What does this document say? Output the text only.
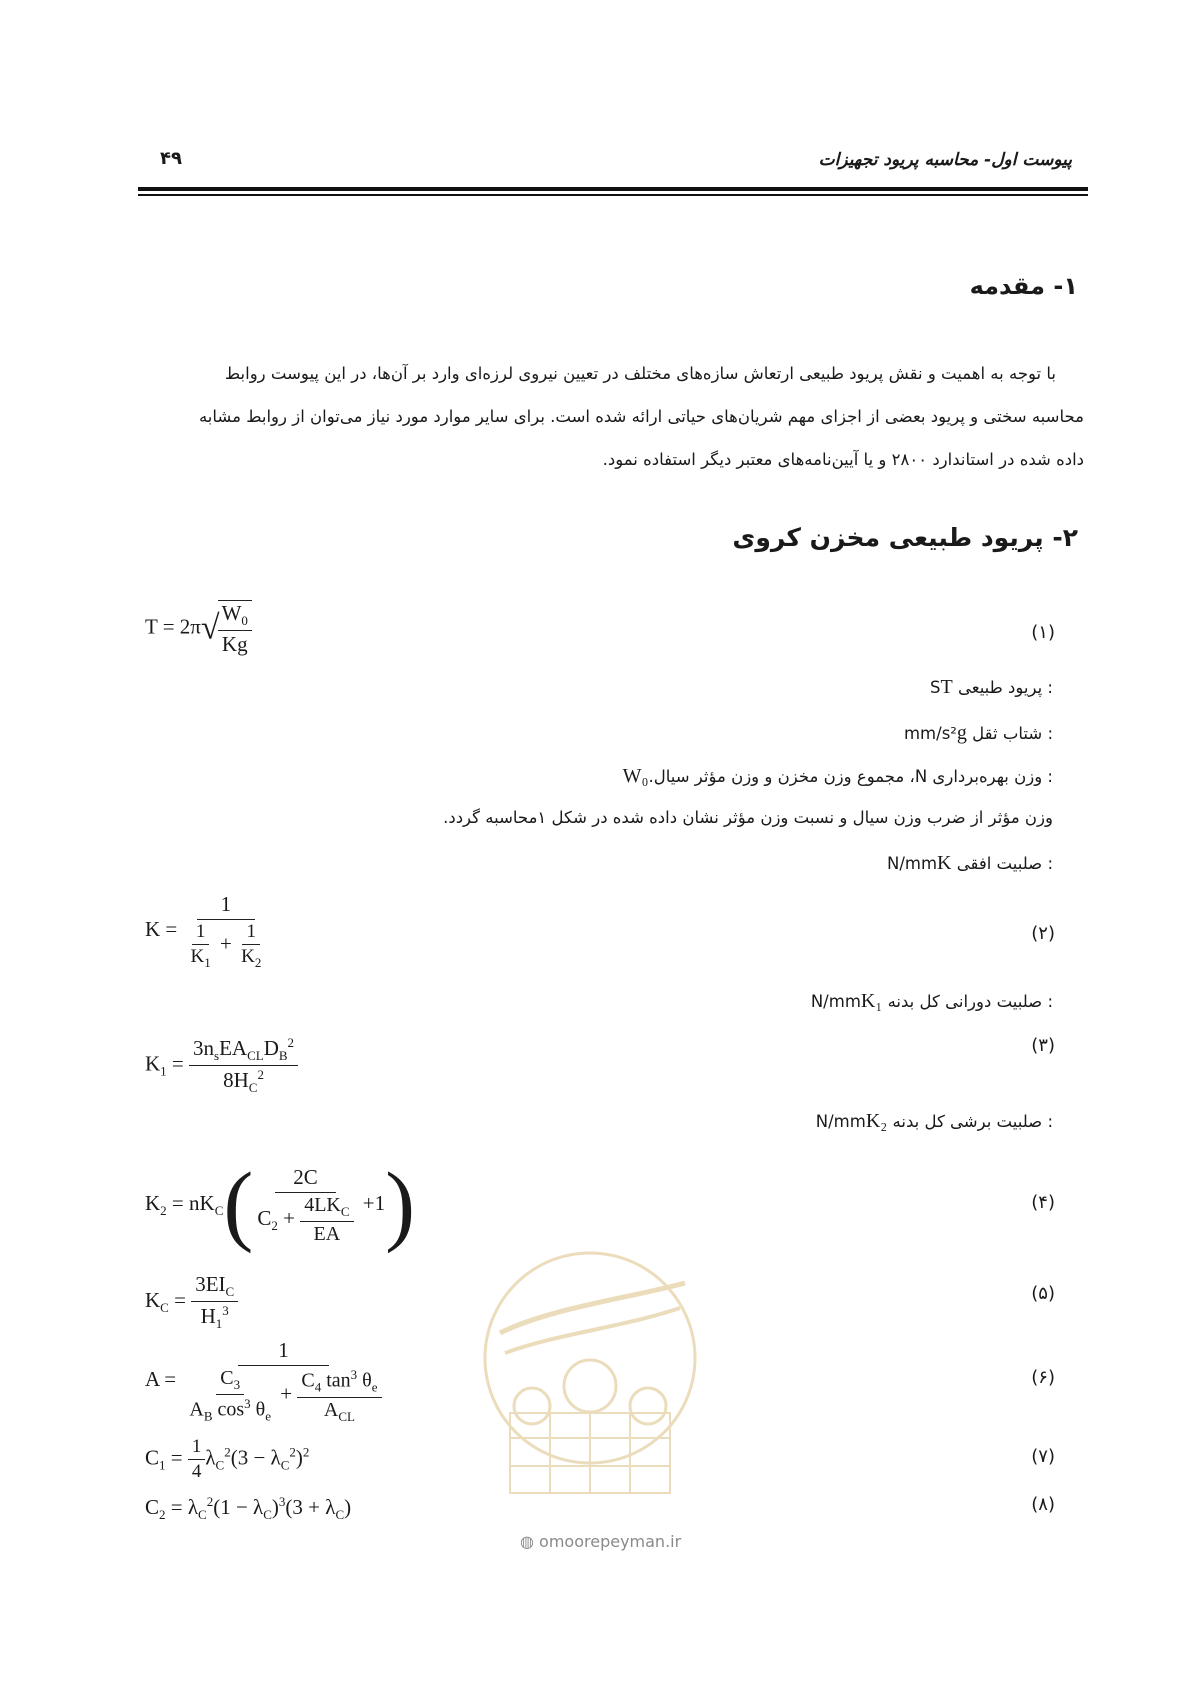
پیوست اول- محاسبه پریود تجهیزات
۴۹
۱- مقدمه
با توجه به اهمیت و نقش پریود طبیعی ارتعاش سازه‌های مختلف در تعیین نیروی لرزه‌ای وارد بر آن‌ها، در این پیوست روابط
محاسبه سختی و پریود بعضی از اجزای مهم شریان‌های حیاتی ارائه شده است. برای سایر موارد مورد نیاز می‌توان از روابط مشابه
داده شده در استاندارد ۲۸۰۰ و یا آیین‌نامه‌های معتبر دیگر استفاده نمود.
۲- پریود طبیعی مخزن کروی
T = 2π√
$\frac{W_0}{Kg}$	(۱)
: پریود طبیعی ST
: شتاب ثقل mm/s²g
: وزن بهره‌برداری N، مجموع وزن مخزن و وزن مؤثر سیال.W₀
وزن مؤثر از ضرب وزن سیال و نسبت وزن مؤثر نشان داده شده در شکل ۱محاسبه گردد.
: صلبیت افقی N/mmK
$K = \frac{1}{\frac{1}{K_1} + \frac{1}{K_2}}$	(۲)
: صلبیت دورانی کل بدنه N/mmK₁
$K_1 = \frac{3n_sEA_{CL}D_B^2}{8H_C^2}$	(۳)
: صلبیت برشی کل بدنه N/mmK₂
$K_2 = nK_C( \frac{2C}{C_2 + \frac{4LK_C}{EA}} +1)$	(۴)
$K_C = \frac{3EI_C}{H_1^3}$	(۵)
$A = \frac{1}{\frac{C_3}{A_B \cos^3 \theta_e} + \frac{C_4 \tan^3 \theta_e}{A_{CL}}}$	(۶)
$C_1 = \frac{1}{4} \lambda_C^2(3 - \lambda_C^2)^2$	(۷)
$C_2 = \lambda_C^2(1 - \lambda_C)^3(3 + \lambda_C)$	(۸)
◍ omoorepeyman.ir
